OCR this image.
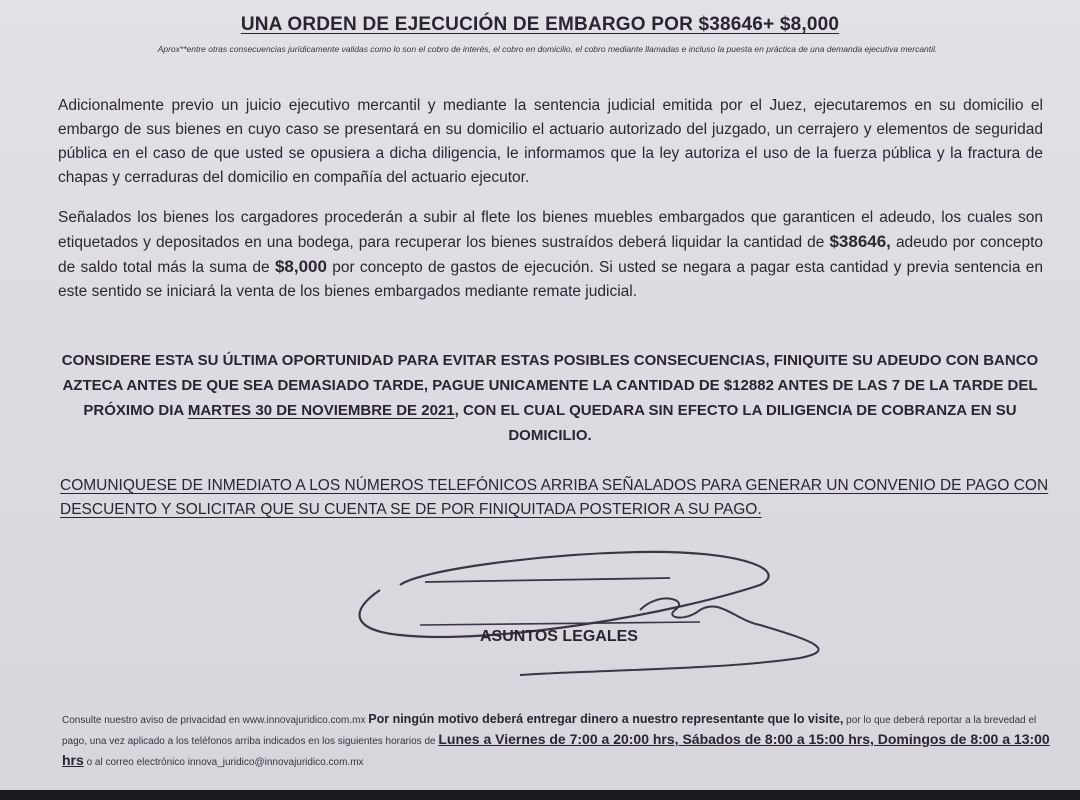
UNA ORDEN DE EJECUCIÓN DE EMBARGO POR $38646+ $8,000
Aprox**entre otras consecuencias jurídicamente validas como lo son el cobro de interés, el cobro en domicilio, el cobro mediante llamadas e incluso la puesta en práctica de una demanda ejecutiva mercantil.
Adicionalmente previo un juicio ejecutivo mercantil y mediante la sentencia judicial emitida por el Juez, ejecutaremos en su domicilio el embargo de sus bienes en cuyo caso se presentará en su domicilio el actuario autorizado del juzgado, un cerrajero y elementos de seguridad pública en el caso de que usted se opusiera a dicha diligencia, le informamos que la ley autoriza el uso de la fuerza pública y la fractura de chapas y cerraduras del domicilio en compañía del actuario ejecutor.
Señalados los bienes los cargadores procederán a subir al flete los bienes muebles embargados que garanticen el adeudo, los cuales son etiquetados y depositados en una bodega, para recuperar los bienes sustraídos deberá liquidar la cantidad de $38646, adeudo por concepto de saldo total más la suma de $8,000 por concepto de gastos de ejecución. Si usted se negara a pagar esta cantidad y previa sentencia en este sentido se iniciará la venta de los bienes embargados mediante remate judicial.
CONSIDERE ESTA SU ÚLTIMA OPORTUNIDAD PARA EVITAR ESTAS POSIBLES CONSECUENCIAS, FINIQUITE SU ADEUDO CON BANCO AZTECA ANTES DE QUE SEA DEMASIADO TARDE, PAGUE UNICAMENTE LA CANTIDAD DE $12882 ANTES DE LAS 7 DE LA TARDE DEL PRÓXIMO DIA MARTES 30 DE NOVIEMBRE DE 2021, CON EL CUAL QUEDARA SIN EFECTO LA DILIGENCIA DE COBRANZA EN SU DOMICILIO.
COMUNIQUESE DE INMEDIATO A LOS NÚMEROS TELEFÓNICOS ARRIBA SEÑALADOS PARA GENERAR UN CONVENIO DE PAGO CON DESCUENTO Y SOLICITAR QUE SU CUENTA SE DE POR FINIQUITADA POSTERIOR A SU PAGO.
ASUNTOS LEGALES
Consulte nuestro aviso de privacidad en www.innovajuridico.com.mx Por ningún motivo deberá entregar dinero a nuestro representante que lo visite, por lo que deberá reportar a la brevedad el pago, una vez aplicado a los teléfonos arriba indicados en los siguientes horarios de Lunes a Viernes de 7:00 a 20:00 hrs, Sábados de 8:00 a 15:00 hrs, Domingos de 8:00 a 13:00 hrs o al correo electrónico innova_juridico@innovajuridico.com.mx
